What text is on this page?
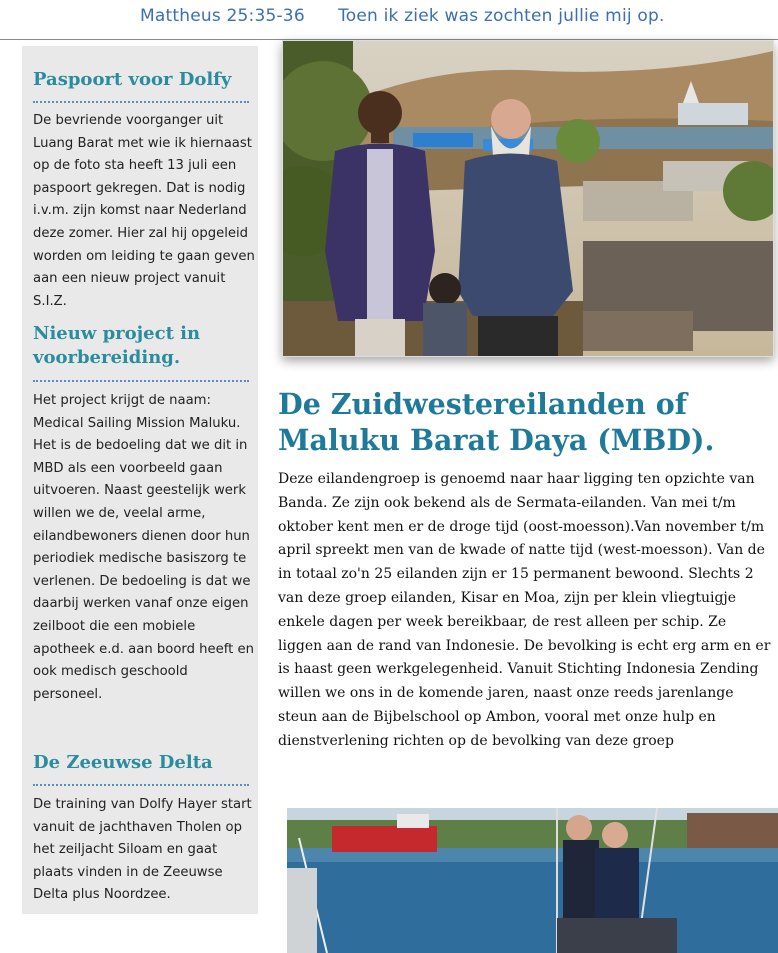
Mattheus 25:35-36 Toen ik ziek was zochten jullie mij op.
Paspoort voor Dolfy
De bevriende voorganger uit Luang Barat met wie ik hiernaast op de foto sta heeft 13 juli een paspoort gekregen. Dat is nodig i.v.m. zijn komst naar Nederland deze zomer. Hier zal hij opgeleid worden om leiding te gaan geven aan een nieuw project vanuit S.I.Z.
Nieuw project in voorbereiding.
Het project krijgt de naam: Medical Sailing Mission Maluku. Het is de bedoeling dat we dit in MBD als een voorbeeld gaan uitvoeren. Naast geestelijk werk willen we de, veelal arme, eilandbewoners dienen door hun periodiek medische basiszorg te verlenen. De bedoeling is dat we daarbij werken vanaf onze eigen zeilboot die een mobiele apotheek e.d. aan boord heeft en ook medisch geschoold personeel.
De Zeeuwse Delta
De training van Dolfy Hayer start vanuit de jachthaven Tholen op het zeiljacht Siloam en gaat plaats vinden in de Zeeuwse Delta plus Noordzee.
De Zuidwestereilanden of Maluku Barat Daya (MBD).
Deze eilandengroep is genoemd naar haar ligging ten opzichte van Banda. Ze zijn ook bekend als de Sermata-eilanden. Van mei t/m oktober kent men er de droge tijd (oost-moesson).Van november t/m april spreekt men van de kwade of natte tijd (west-moesson). Van de in totaal zo'n 25 eilanden zijn er 15 permanent bewoond. Slechts 2 van deze groep eilanden, Kisar en Moa, zijn per klein vliegtuigje enkele dagen per week bereikbaar, de rest alleen per schip. Ze liggen aan de rand van Indonesie. De bevolking is echt erg arm en er is haast geen werkgelegenheid. Vanuit Stichting Indonesia Zending willen we ons in de komende jaren, naast onze reeds jarenlange steun aan de Bijbelschool op Ambon, vooral met onze hulp en dienstverlening richten op de bevolking van deze groep
